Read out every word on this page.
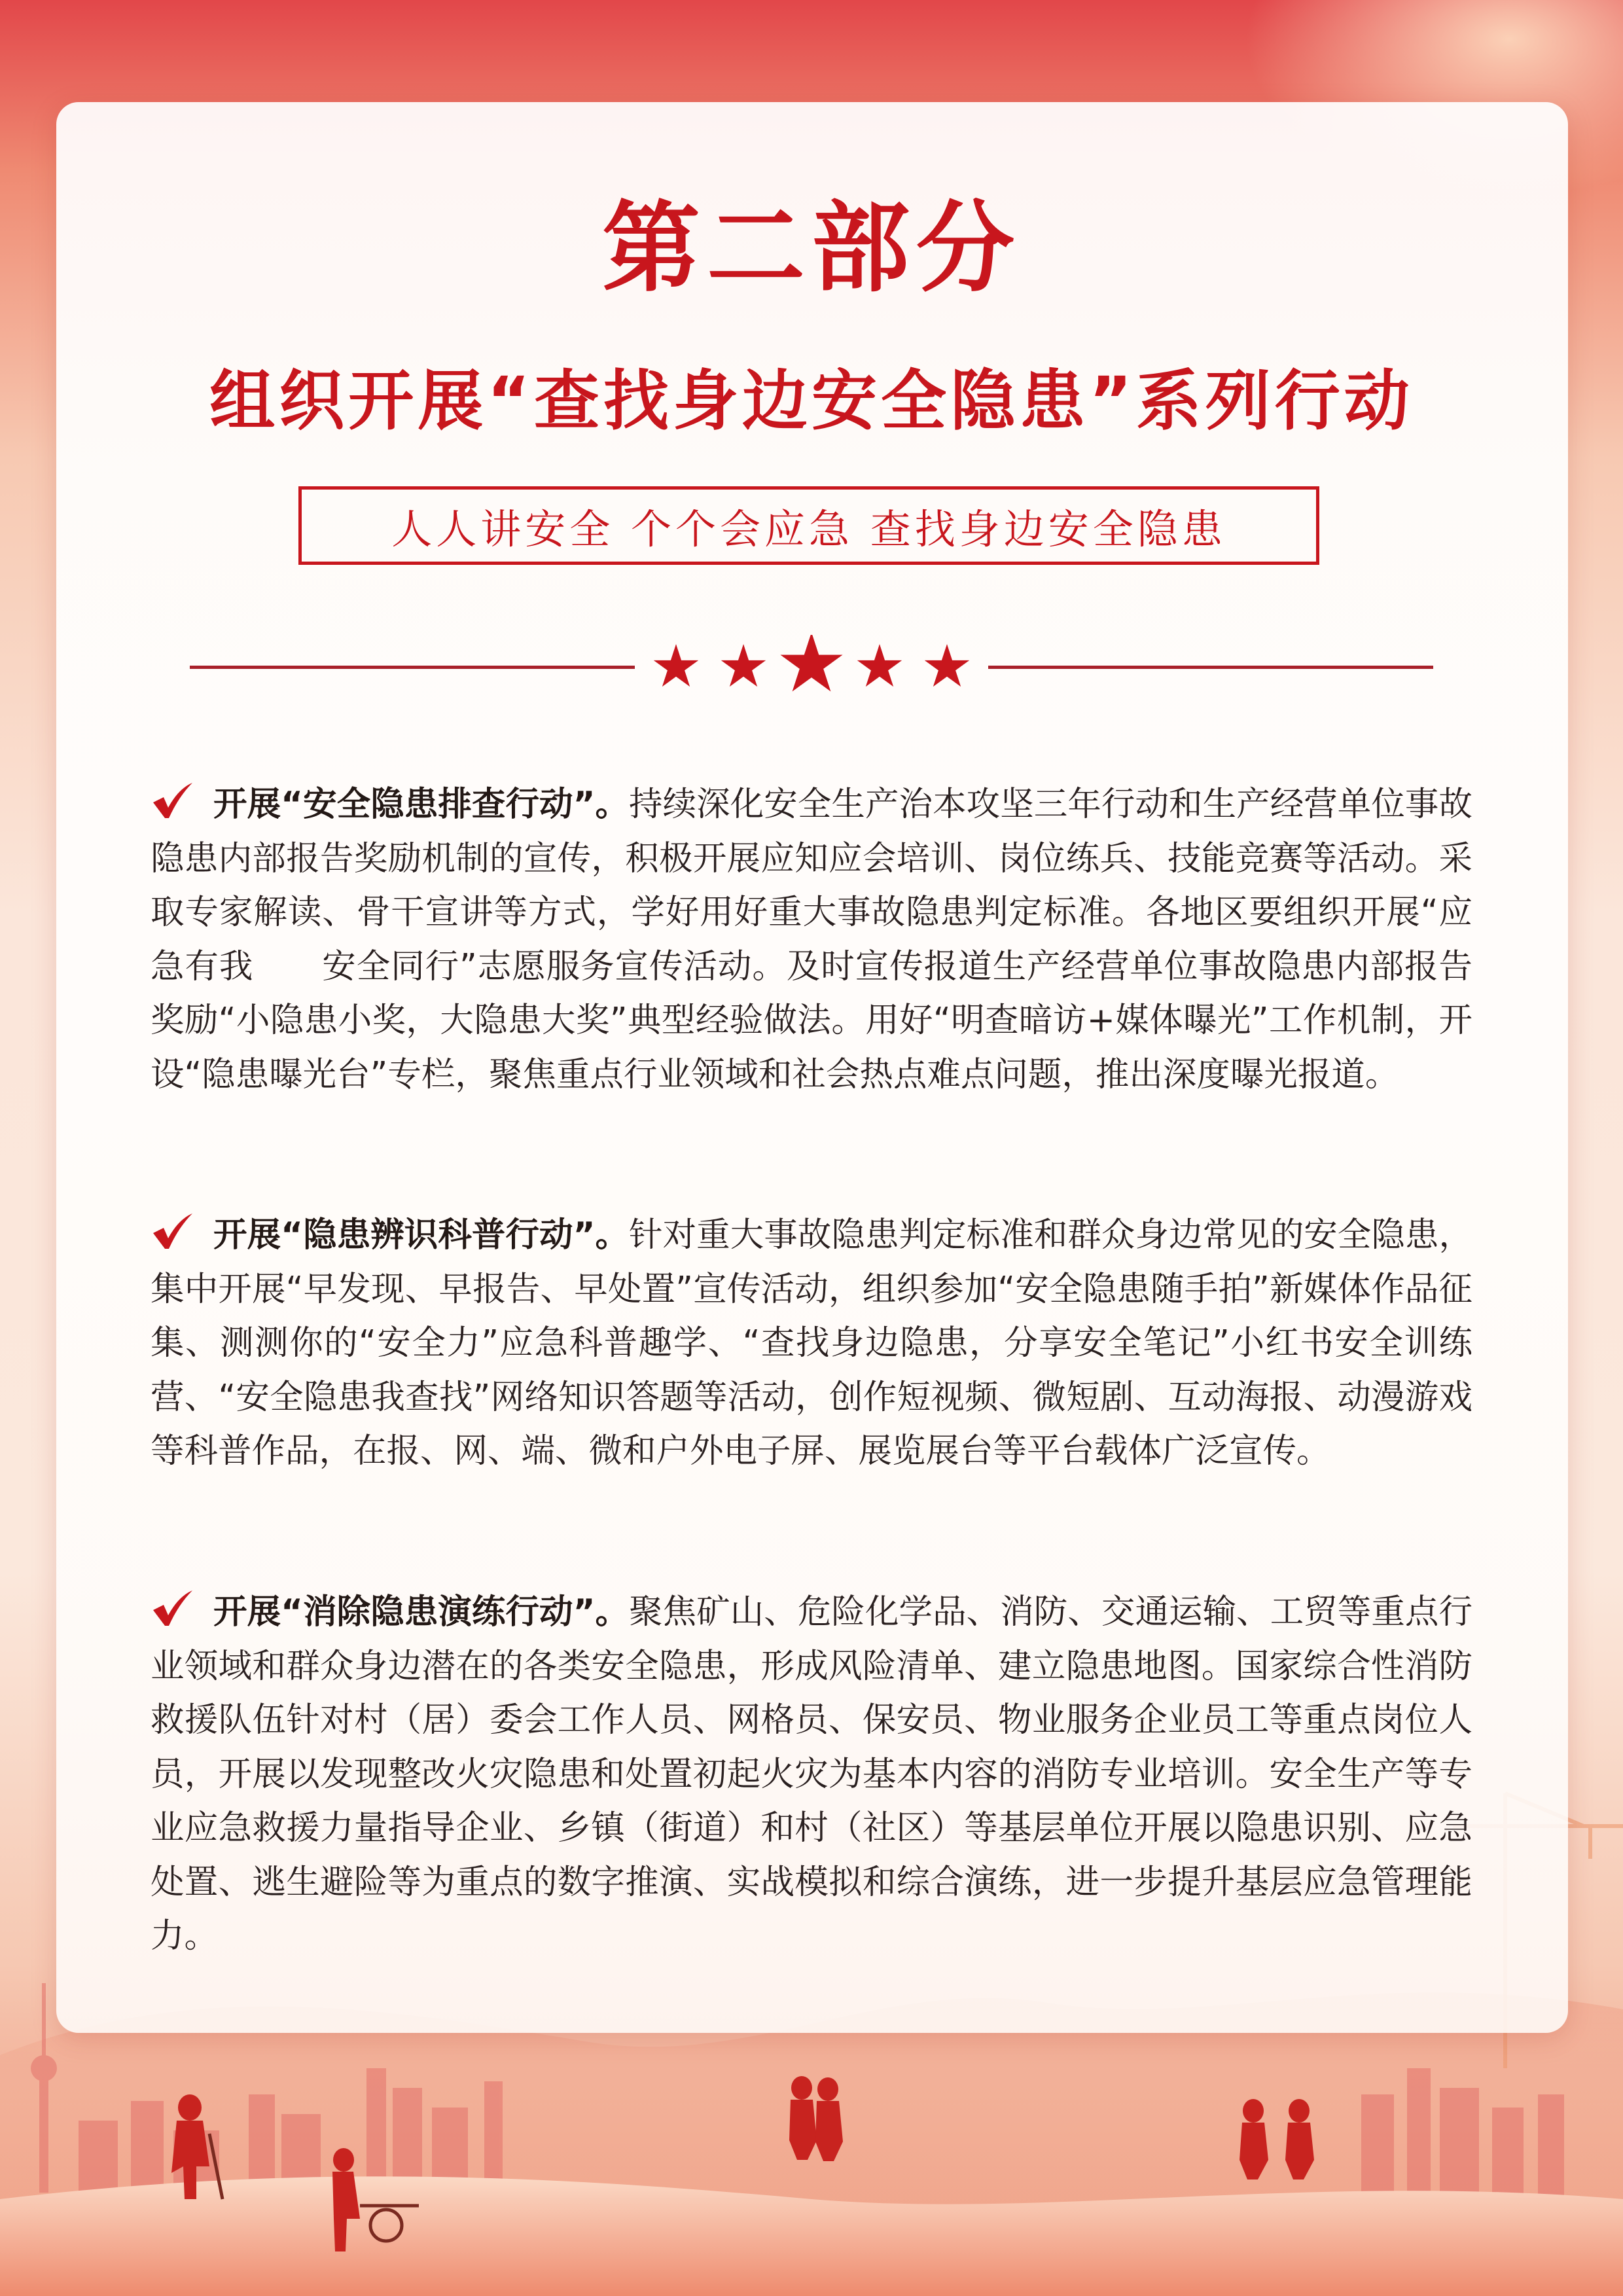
第二部分
组织开展“查找身边安全隐患”系列行动
人人讲安全 个个会应急 查找身边安全隐患
开展“安全隐患排查行动”。持续深化安全生产治本攻坚三年行动和生产经营单位事故隐患内部报告奖励机制的宣传，积极开展应知应会培训、岗位练兵、技能竞赛等活动。采取专家解读、骨干宣讲等方式，学好用好重大事故隐患判定标准。各地区要组织开展“应急有我　　安全同行”志愿服务宣传活动。及时宣传报道生产经营单位事故隐患内部报告奖励“小隐患小奖，大隐患大奖”典型经验做法。用好“明查暗访+媒体曝光”工作机制，开设“隐患曝光台”专栏，聚焦重点行业领域和社会热点难点问题，推出深度曝光报道。
开展“隐患辨识科普行动”。针对重大事故隐患判定标准和群众身边常见的安全隐患，集中开展“早发现、早报告、早处置”宣传活动，组织参加“安全隐患随手拍”新媒体作品征集、测测你的“安全力”应急科普趣学、“查找身边隐患，分享安全笔记”小红书安全训练营、“安全隐患我查找”网络知识答题等活动，创作短视频、微短剧、互动海报、动漫游戏等科普作品，在报、网、端、微和户外电子屏、展览展台等平台载体广泛宣传。
开展“消除隐患演练行动”。聚焦矿山、危险化学品、消防、交通运输、工贸等重点行业领域和群众身边潜在的各类安全隐患，形成风险清单、建立隐患地图。国家综合性消防救援队伍针对村（居）委会工作人员、网格员、保安员、物业服务企业员工等重点岗位人员，开展以发现整改火灾隐患和处置初起火灾为基本内容的消防专业培训。安全生产等专业应急救援力量指导企业、乡镇（街道）和村（社区）等基层单位开展以隐患识别、应急处置、逃生避险等为重点的数字推演、实战模拟和综合演练，进一步提升基层应急管理能力。
